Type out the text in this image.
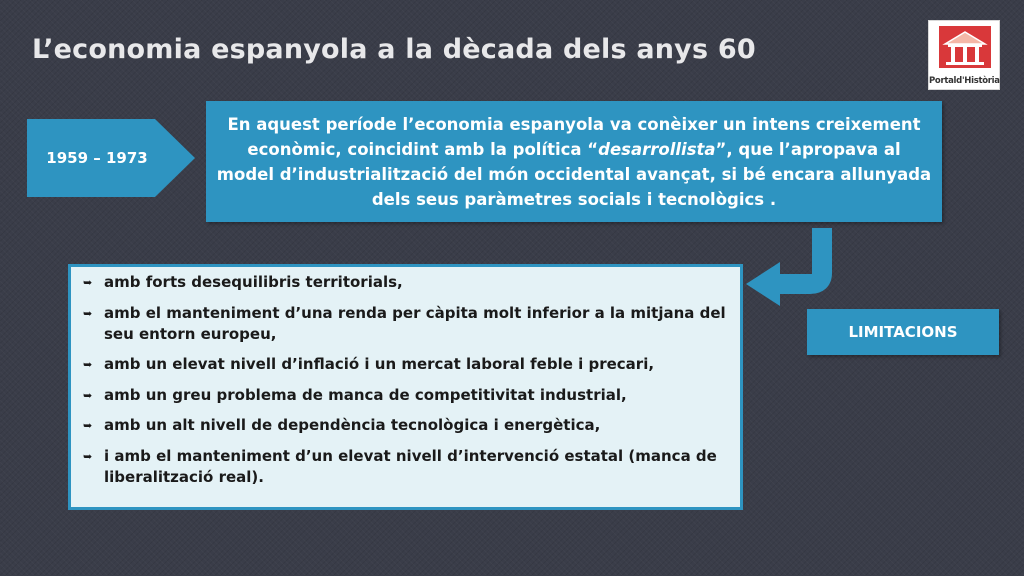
L’economia espanyola a la dècada dels anys 60
Portald'Història
1959 – 1973
En aquest període l’economia espanyola va conèixer un intens creixement econòmic, coincidint amb la política “desarrollista”, que l’apropava al model d’industrialització del món occidental avançat, si bé encara allunyada dels seus paràmetres socials i tecnològics .
LIMITACIONS
➥ amb forts desequilibris territorials,
➥ amb el manteniment d’una renda per càpita molt inferior a la mitjana del seu entorn europeu,
➥ amb un elevat nivell d’inflació i un mercat laboral feble i precari,
➥ amb un greu problema de manca de competitivitat industrial,
➥ amb un alt nivell de dependència tecnològica i energètica,
➥ i amb el manteniment d’un elevat nivell d’intervenció estatal (manca de liberalització real).
